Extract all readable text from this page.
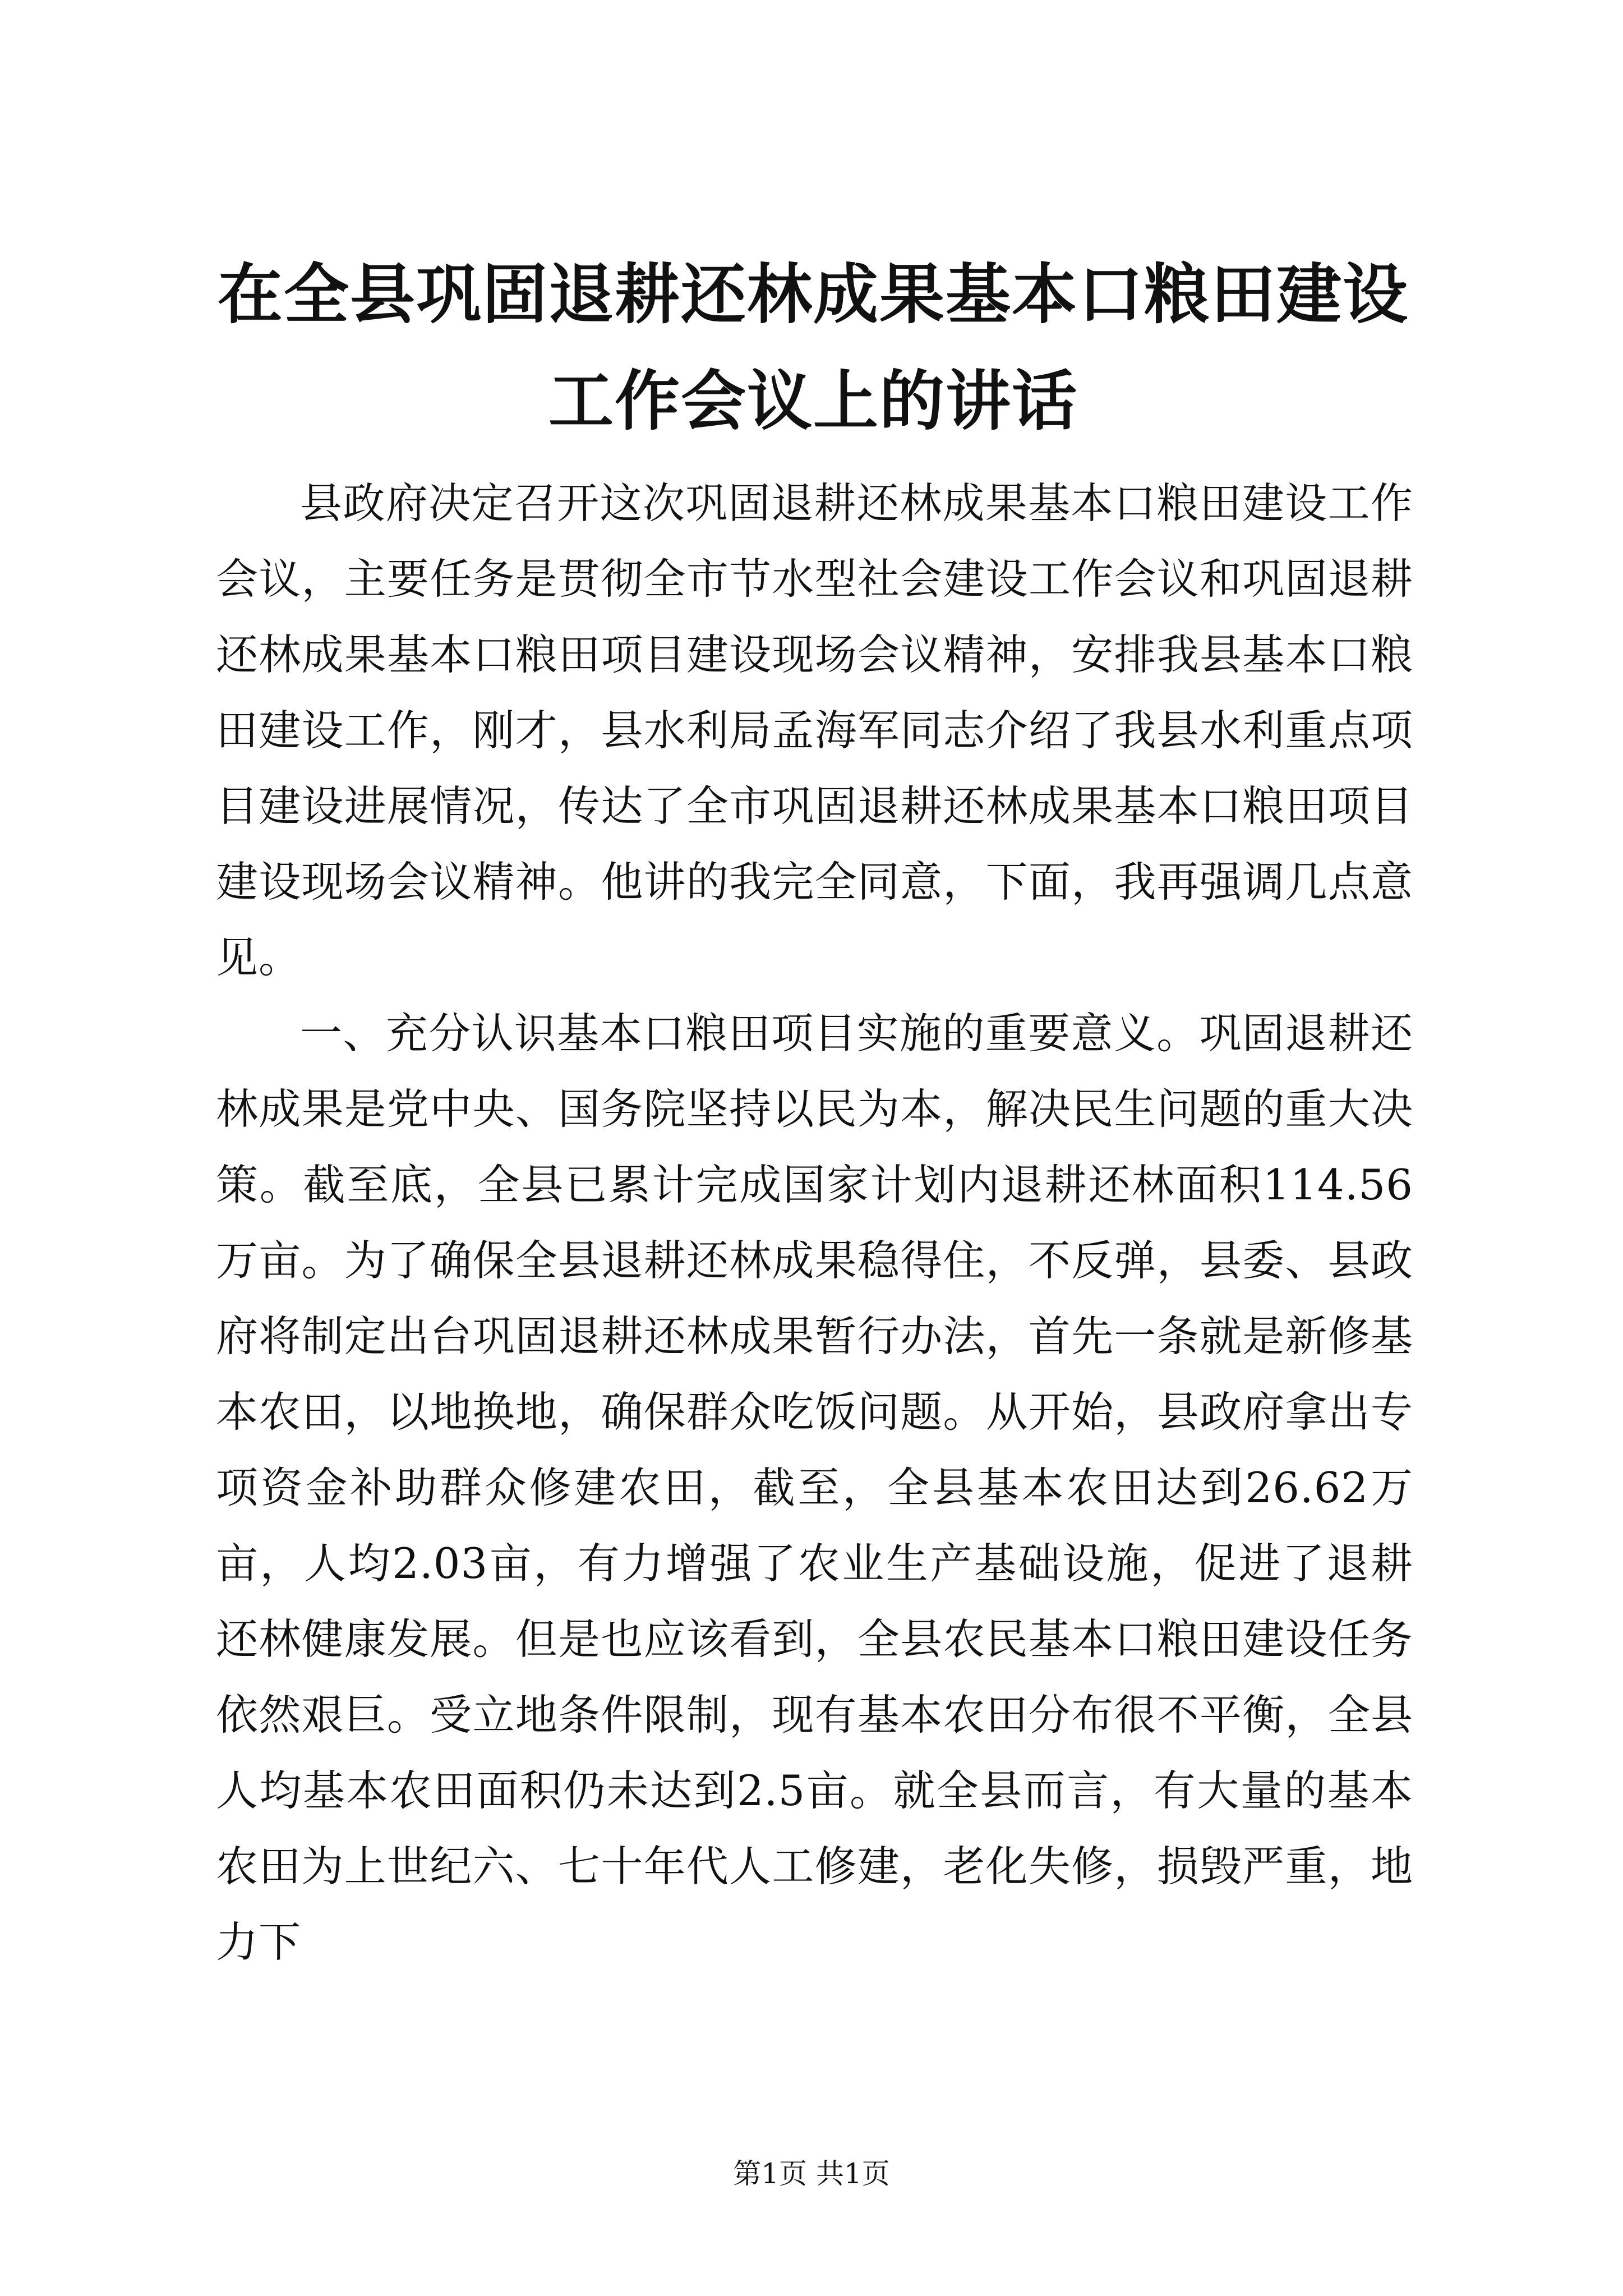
在全县巩固退耕还林成果基本口粮田建设工作会议上的讲话

县政府决定召开这次巩固退耕还林成果基本口粮田建设工作会议，主要任务是贯彻全市节水型社会建设工作会议和巩固退耕还林成果基本口粮田项目建设现场会议精神，安排我县基本口粮田建设工作，刚才，县水利局孟海军同志介绍了我县水利重点项目建设进展情况，传达了全市巩固退耕还林成果基本口粮田项目建设现场会议精神。他讲的我完全同意，下面，我再强调几点意见。

一、充分认识基本口粮田项目实施的重要意义。巩固退耕还林成果是党中央、国务院坚持以民为本，解决民生问题的重大决策。截至底，全县已累计完成国家计划内退耕还林面积114.56万亩。为了确保全县退耕还林成果稳得住，不反弹，县委、县政府将制定出台巩固退耕还林成果暂行办法，首先一条就是新修基本农田，以地换地，确保群众吃饭问题。从开始，县政府拿出专项资金补助群众修建农田，截至，全县基本农田达到26.62万亩，人均2.03亩，有力增强了农业生产基础设施，促进了退耕还林健康发展。但是也应该看到，全县农民基本口粮田建设任务依然艰巨。受立地条件限制，现有基本农田分布很不平衡，全县人均基本农田面积仍未达到2.5亩。就全县而言，有大量的基本农田为上世纪六、七十年代人工修建，老化失修，损毁严重，地力下

第1页 共1页
